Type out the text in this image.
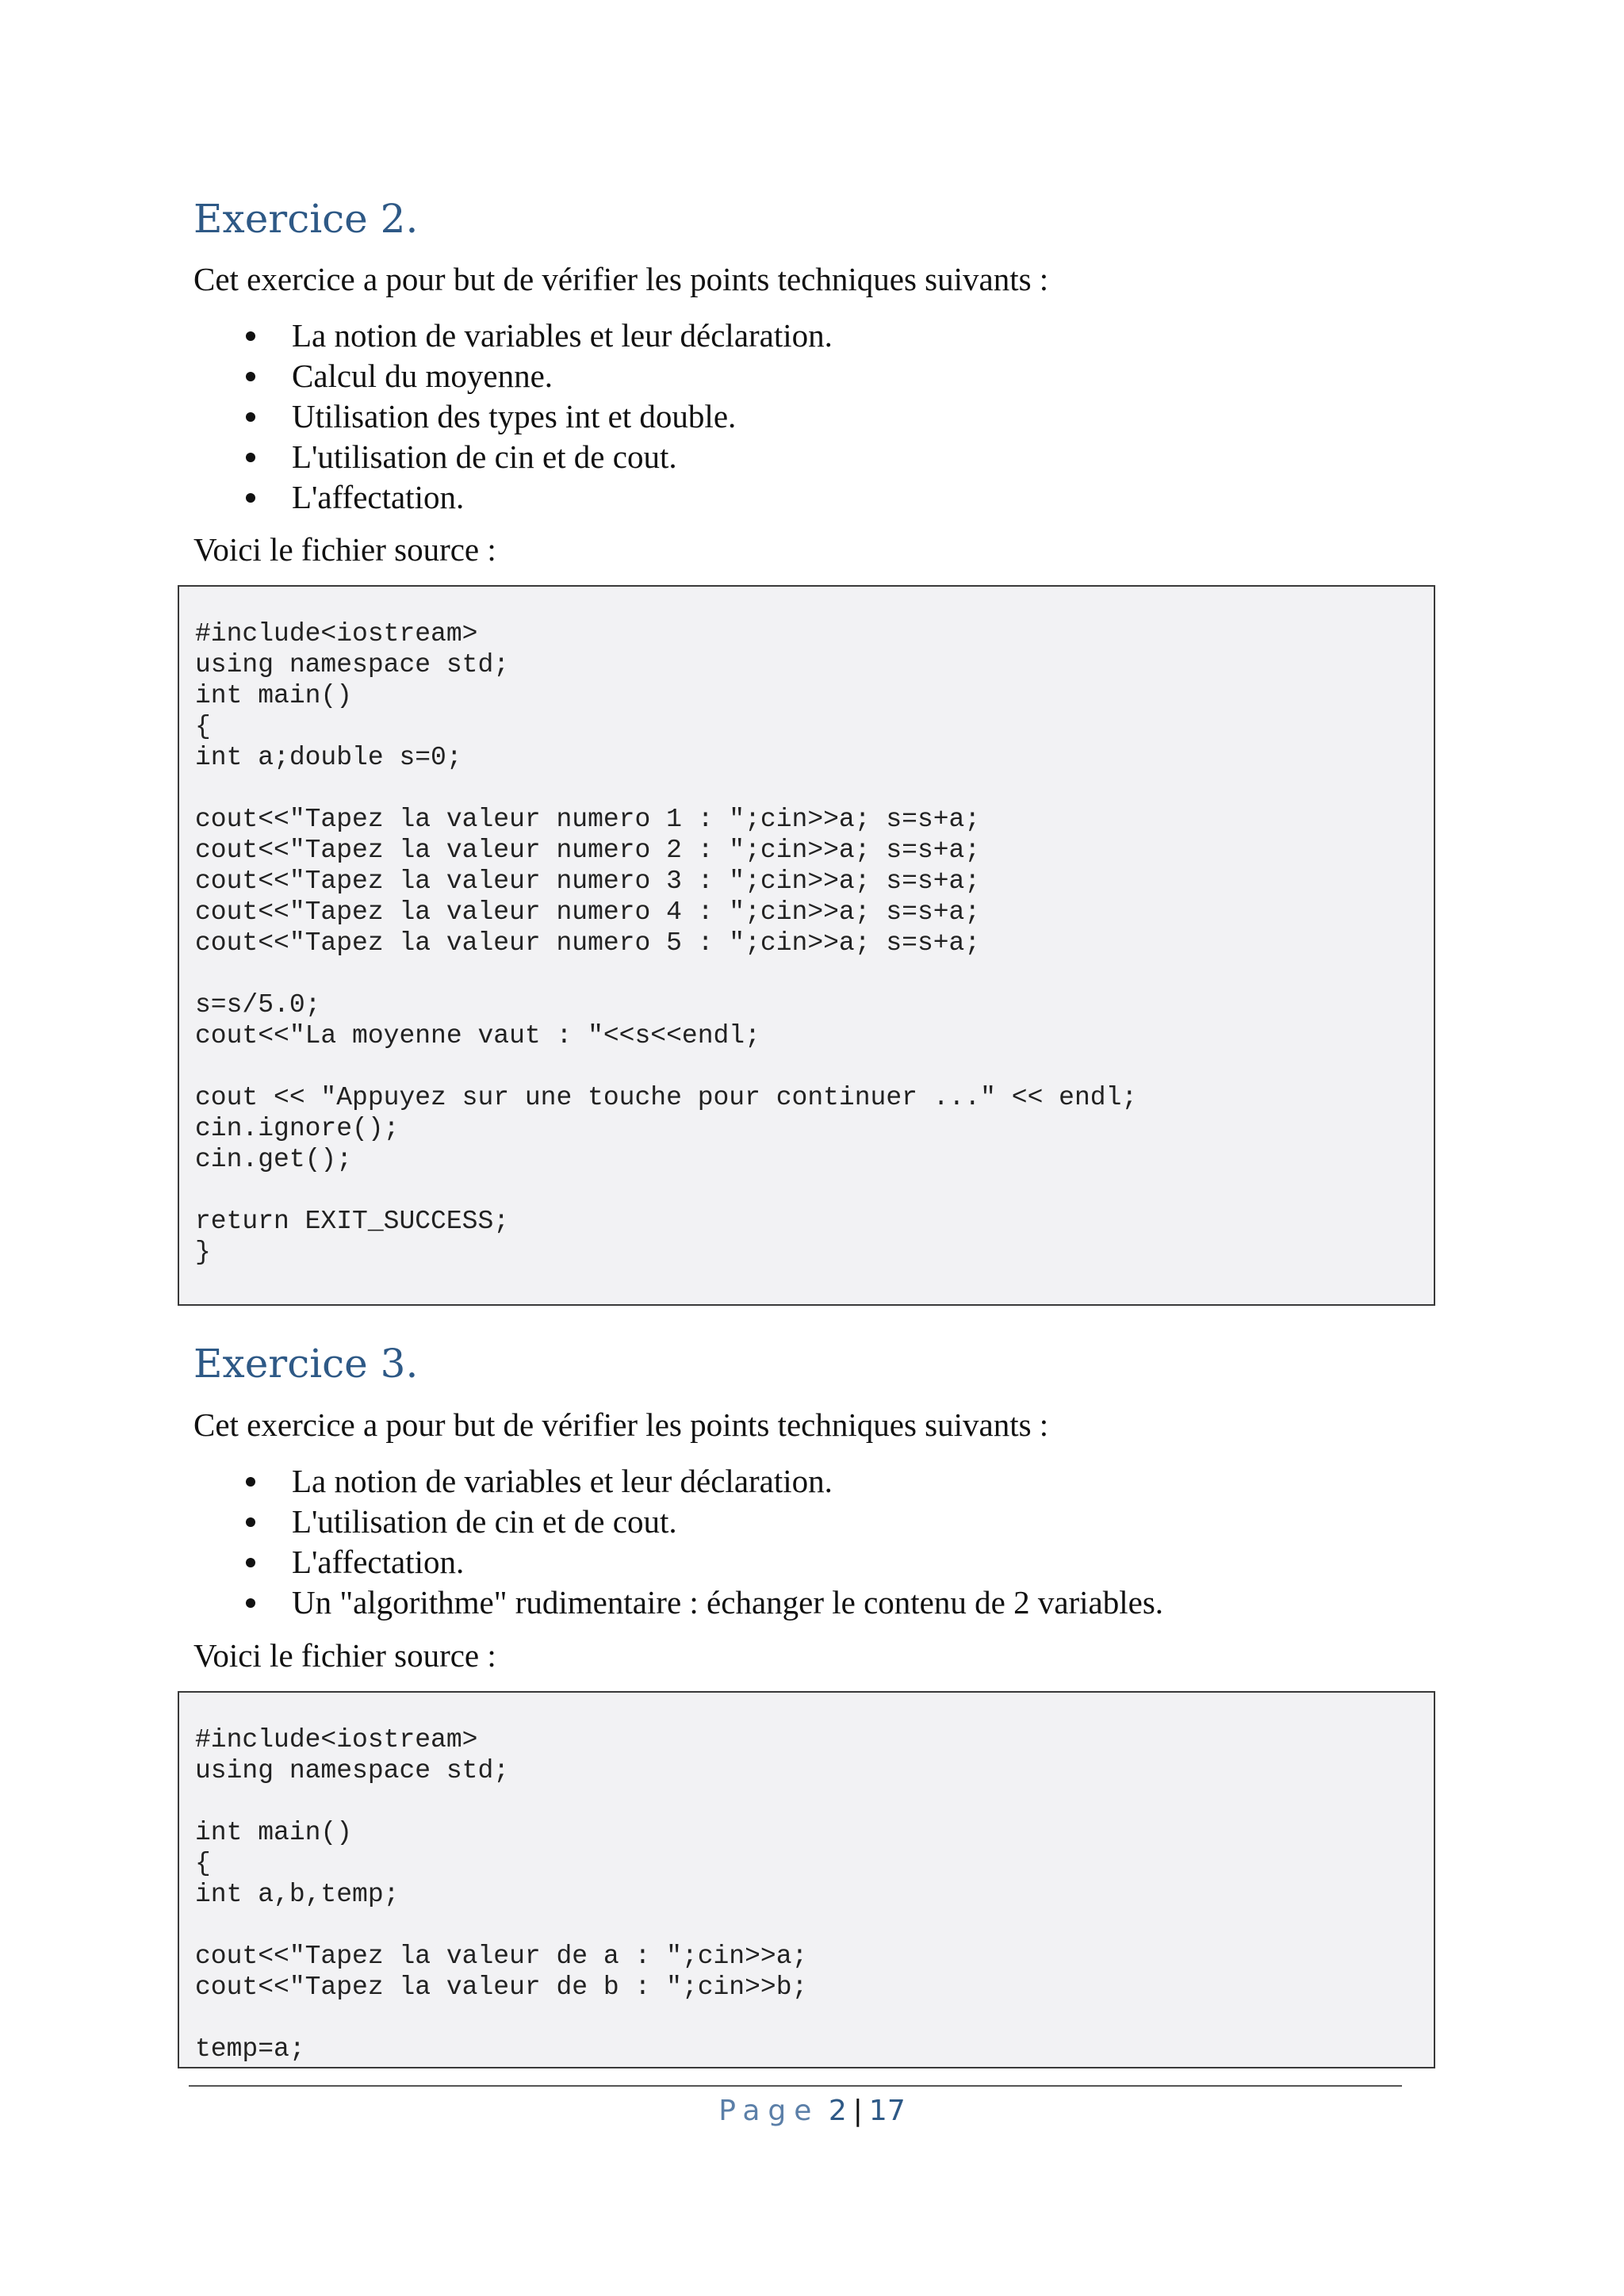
Exercice 2.

Cet exercice a pour but de vérifier les points techniques suivants :

La notion de variables et leur déclaration.
Calcul du moyenne.
Utilisation des types int et double.
L'utilisation de cin et de cout.
L'affectation.

Voici le fichier source :

#include<iostream>
using namespace std;
int main()
{
int a;double s=0;

cout<<"Tapez la valeur numero 1 : ";cin>>a; s=s+a;
cout<<"Tapez la valeur numero 2 : ";cin>>a; s=s+a;
cout<<"Tapez la valeur numero 3 : ";cin>>a; s=s+a;
cout<<"Tapez la valeur numero 4 : ";cin>>a; s=s+a;
cout<<"Tapez la valeur numero 5 : ";cin>>a; s=s+a;

s=s/5.0;
cout<<"La moyenne vaut : "<<s<<endl;

cout << "Appuyez sur une touche pour continuer ..." << endl;
cin.ignore();
cin.get();

return EXIT_SUCCESS;
}
Exercice 3.

Cet exercice a pour but de vérifier les points techniques suivants :

La notion de variables et leur déclaration.
L'utilisation de cin et de cout.
L'affectation.
Un "algorithme" rudimentaire : échanger le contenu de 2 variables.

Voici le fichier source :

#include<iostream>
using namespace std;

int main()
{
int a,b,temp;

cout<<"Tapez la valeur de a : ";cin>>a;
cout<<"Tapez la valeur de b : ";cin>>b;

temp=a;
Page 2 | 17
